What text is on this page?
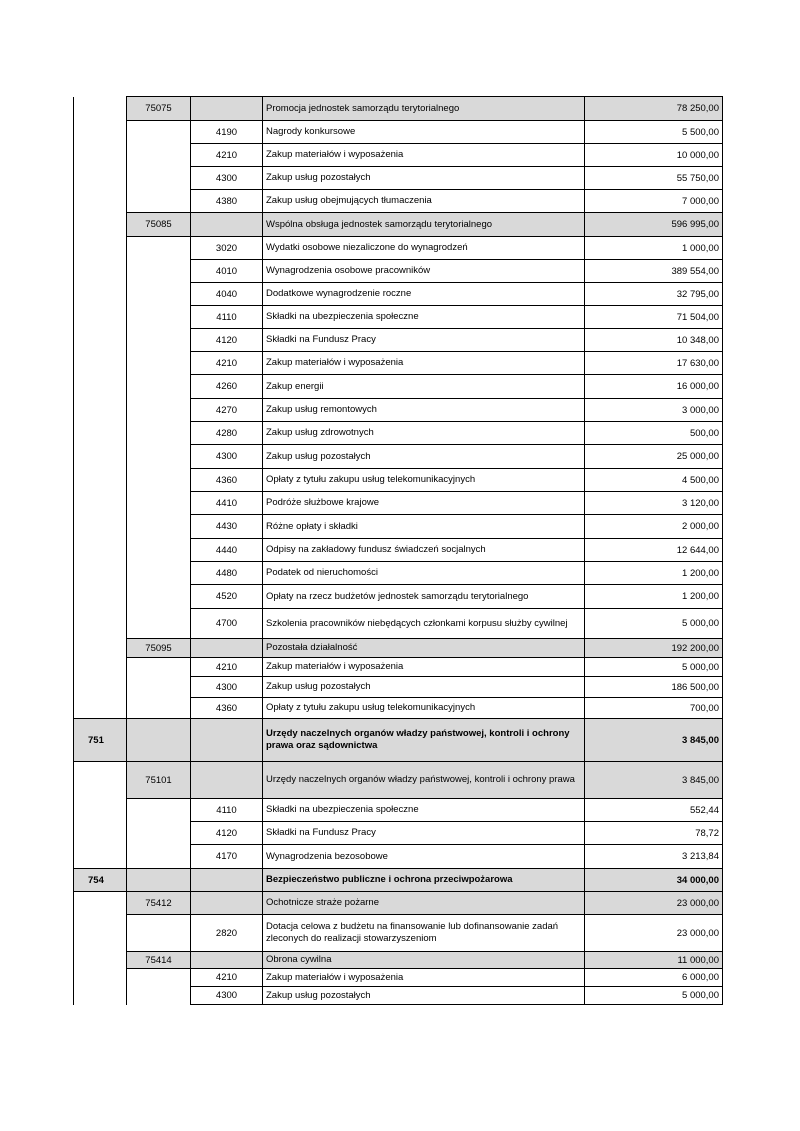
	75075		Promocja jednostek samorządu terytorialnego	78 250,00
		4190	Nagrody konkursowe	5 500,00
		4210	Zakup materiałów i wyposażenia	10 000,00
		4300	Zakup usług pozostałych	55 750,00
		4380	Zakup usług obejmujących tłumaczenia	7 000,00
	75085		Wspólna obsługa jednostek samorządu terytorialnego	596 995,00
		3020	Wydatki osobowe niezaliczone do wynagrodzeń	1 000,00
		4010	Wynagrodzenia osobowe pracowników	389 554,00
		4040	Dodatkowe wynagrodzenie roczne	32 795,00
		4110	Składki na ubezpieczenia społeczne	71 504,00
		4120	Składki na Fundusz Pracy	10 348,00
		4210	Zakup materiałów i wyposażenia	17 630,00
		4260	Zakup energii	16 000,00
		4270	Zakup usług remontowych	3 000,00
		4280	Zakup usług zdrowotnych	500,00
		4300	Zakup usług pozostałych	25 000,00
		4360	Opłaty z tytułu zakupu usług telekomunikacyjnych	4 500,00
		4410	Podróże służbowe krajowe	3 120,00
		4430	Różne opłaty i składki	2 000,00
		4440	Odpisy na zakładowy fundusz świadczeń socjalnych	12 644,00
		4480	Podatek od nieruchomości	1 200,00
		4520	Opłaty na rzecz budżetów jednostek samorządu terytorialnego	1 200,00
		4700	Szkolenia pracowników niebędących członkami korpusu służby cywilnej	5 000,00
	75095		Pozostała działalność	192 200,00
		4210	Zakup materiałów i wyposażenia	5 000,00
		4300	Zakup usług pozostałych	186 500,00
		4360	Opłaty z tytułu zakupu usług telekomunikacyjnych	700,00
751			Urzędy naczelnych organów władzy państwowej, kontroli i ochrony prawa oraz sądownictwa	3 845,00
	75101		Urzędy naczelnych organów władzy państwowej, kontroli i ochrony prawa	3 845,00
		4110	Składki na ubezpieczenia społeczne	552,44
		4120	Składki na Fundusz Pracy	78,72
		4170	Wynagrodzenia bezosobowe	3 213,84
754			Bezpieczeństwo publiczne i ochrona przeciwpożarowa	34 000,00
	75412		Ochotnicze straże pożarne	23 000,00
		2820	Dotacja celowa z budżetu na finansowanie lub dofinansowanie zadań zleconych do realizacji stowarzyszeniom	23 000,00
	75414		Obrona cywilna	11 000,00
		4210	Zakup materiałów i wyposażenia	6 000,00
		4300	Zakup usług pozostałych	5 000,00
